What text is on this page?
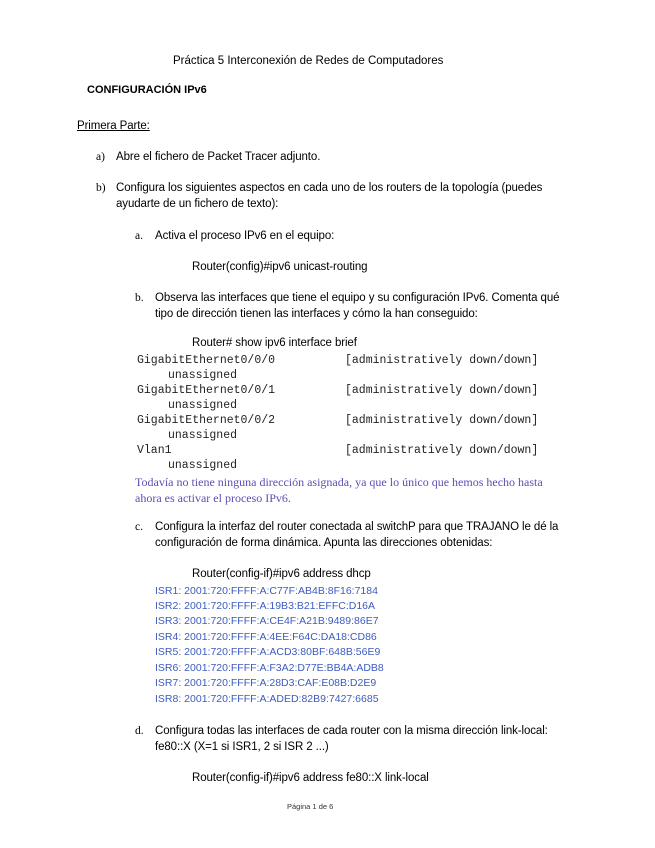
Práctica 5 Interconexión de Redes de Computadores
CONFIGURACIÓN IPv6
Primera Parte:
a) Abre el fichero de Packet Tracer adjunto.
b) Configura los siguientes aspectos en cada uno de los routers de la topología (puedes
ayudarte de un fichero de texto):
a. Activa el proceso IPv6 en el equipo:
Router(config)#ipv6 unicast-routing
b. Observa las interfaces que tiene el equipo y su configuración IPv6. Comenta qué
tipo de dirección tienen las interfaces y cómo la han conseguido:
Router# show ipv6 interface brief
GigabitEthernet0/0/0	[administratively down/down]
unassigned
GigabitEthernet0/0/1	[administratively down/down]
unassigned
GigabitEthernet0/0/2	[administratively down/down]
unassigned
Vlan1	[administratively down/down]
unassigned
Todavía no tiene ninguna dirección asignada, ya que lo único que hemos hecho hasta
ahora es activar el proceso IPv6.
c. Configura la interfaz del router conectada al switchP para que TRAJANO le dé la
configuración de forma dinámica. Apunta las direcciones obtenidas:
Router(config-if)#ipv6 address dhcp
ISR1: 2001:720:FFFF:A:C77F:AB4B:8F16:7184
ISR2: 2001:720:FFFF:A:19B3:B21:EFFC:D16A
ISR3: 2001:720:FFFF:A:CE4F:A21B:9489:86E7
ISR4: 2001:720:FFFF:A:4EE:F64C:DA18:CD86
ISR5: 2001:720:FFFF:A:ACD3:80BF:648B:56E9
ISR6: 2001:720:FFFF:A:F3A2:D77E:BB4A:ADB8
ISR7: 2001:720:FFFF:A:28D3:CAF:E08B:D2E9
ISR8: 2001:720:FFFF:A:ADED:82B9:7427:6685
d. Configura todas las interfaces de cada router con la misma dirección link-local:
fe80::X (X=1 si ISR1, 2 si ISR 2 ...)
Router(config-if)#ipv6 address fe80::X link-local
Página 1 de 6
